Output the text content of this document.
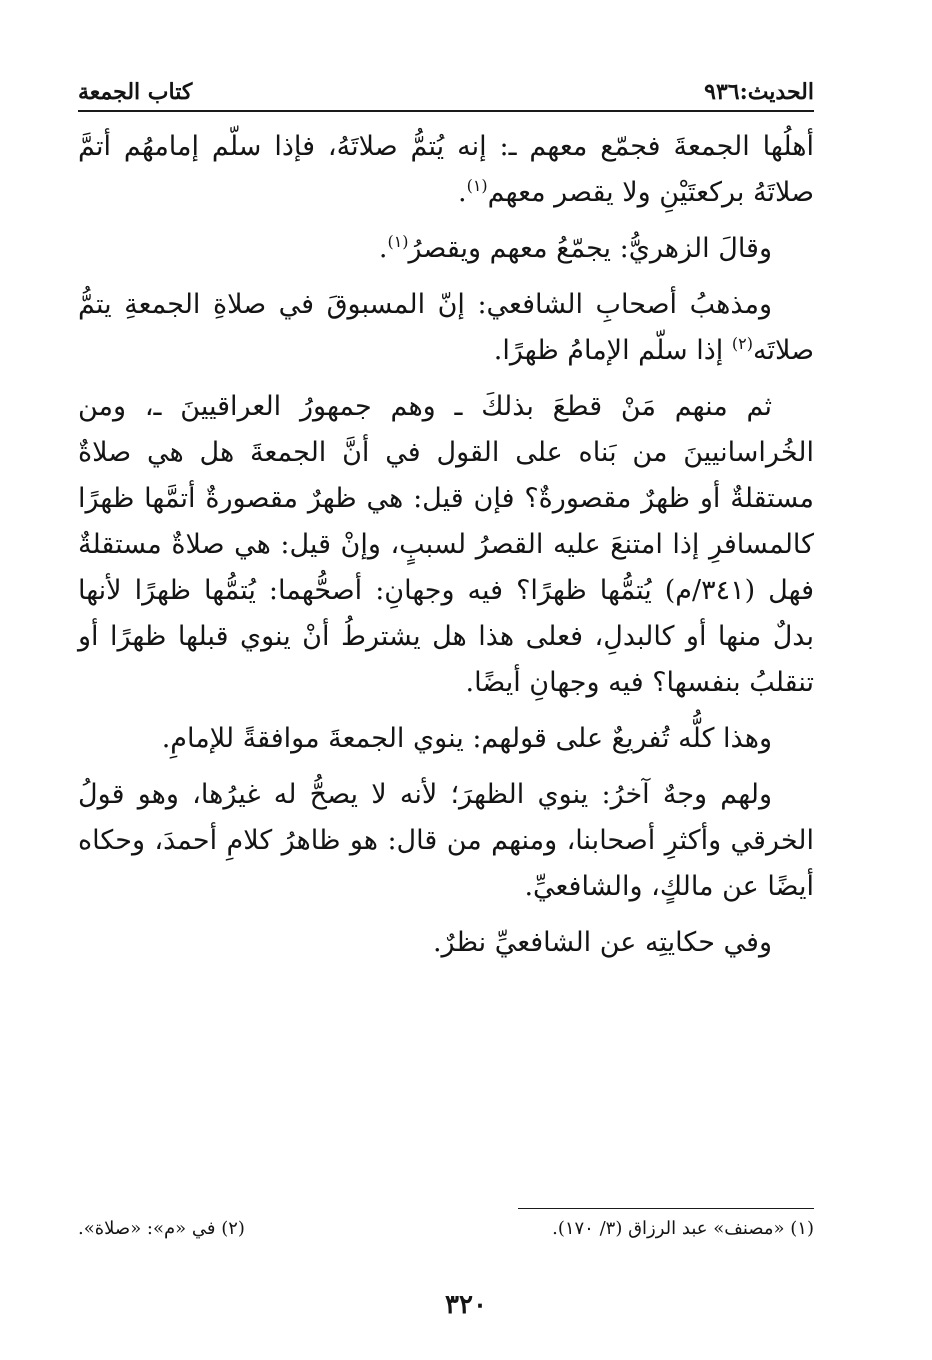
الحديث:٩٣٦
كتاب الجمعة

أهلُها الجمعةَ فجمّع معهم ـ: إنه يُتمُّ صلاتَهُ، فإذا سلّم إمامهُم أتمَّ صلاتَهُ بركعتَيْنِ ولا يقصر معهم$^{(١)}$.

وقالَ الزهريُّ: يجمّعُ معهم ويقصرُ$^{(١)}$.

ومذهبُ أصحابِ الشافعي: إنّ المسبوقَ في صلاةِ الجمعةِ يتمُّ صلاتَه$^{(٢)}$ إذا سلّم الإمامُ ظهرًا.

ثم منهم مَنْ قطعَ بذلكَ ـ وهم جمهورُ العراقيينَ ـ، ومن الخُراسانيينَ من بَناه على القول في أنَّ الجمعةَ هل هي صلاةٌ مستقلةٌ أو ظهرٌ مقصورةٌ؟ فإن قيل: هي ظهرٌ مقصورةٌ أتمَّها ظهرًا كالمسافرِ إذا امتنعَ عليه القصرُ لسببٍ، وإنْ قيل: هي صلاةٌ مستقلةٌ فهل (٣٤١/م) يُتمُّها ظهرًا؟ فيه وجهانِ: أصحُّهما: يُتمُّها ظهرًا لأنها بدلٌ منها أو كالبدلِ، فعلى هذا هل يشترطُ أنْ ينوي قبلها ظهرًا أو تنقلبُ بنفسها؟ فيه وجهانِ أيضًا.

وهذا كلُّه تُفريعٌ على قولهم: ينوي الجمعةَ موافقةً للإمامِ.

ولهم وجهٌ آخرُ: ينوي الظهرَ؛ لأنه لا يصحُّ له غيرُها، وهو قولُ الخرقي وأكثرِ أصحابنا، ومنهم من قال: هو ظاهرُ كلامِ أحمدَ، وحكاه أيضًا عن مالكٍ، والشافعيِّ.

وفي حكايتِه عن الشافعيِّ نظرٌ.

(١) «مصنف» عبد الرزاق (٣/ ١٧٠).
(٢) في «م»: «صلاة».
٣٢٠
